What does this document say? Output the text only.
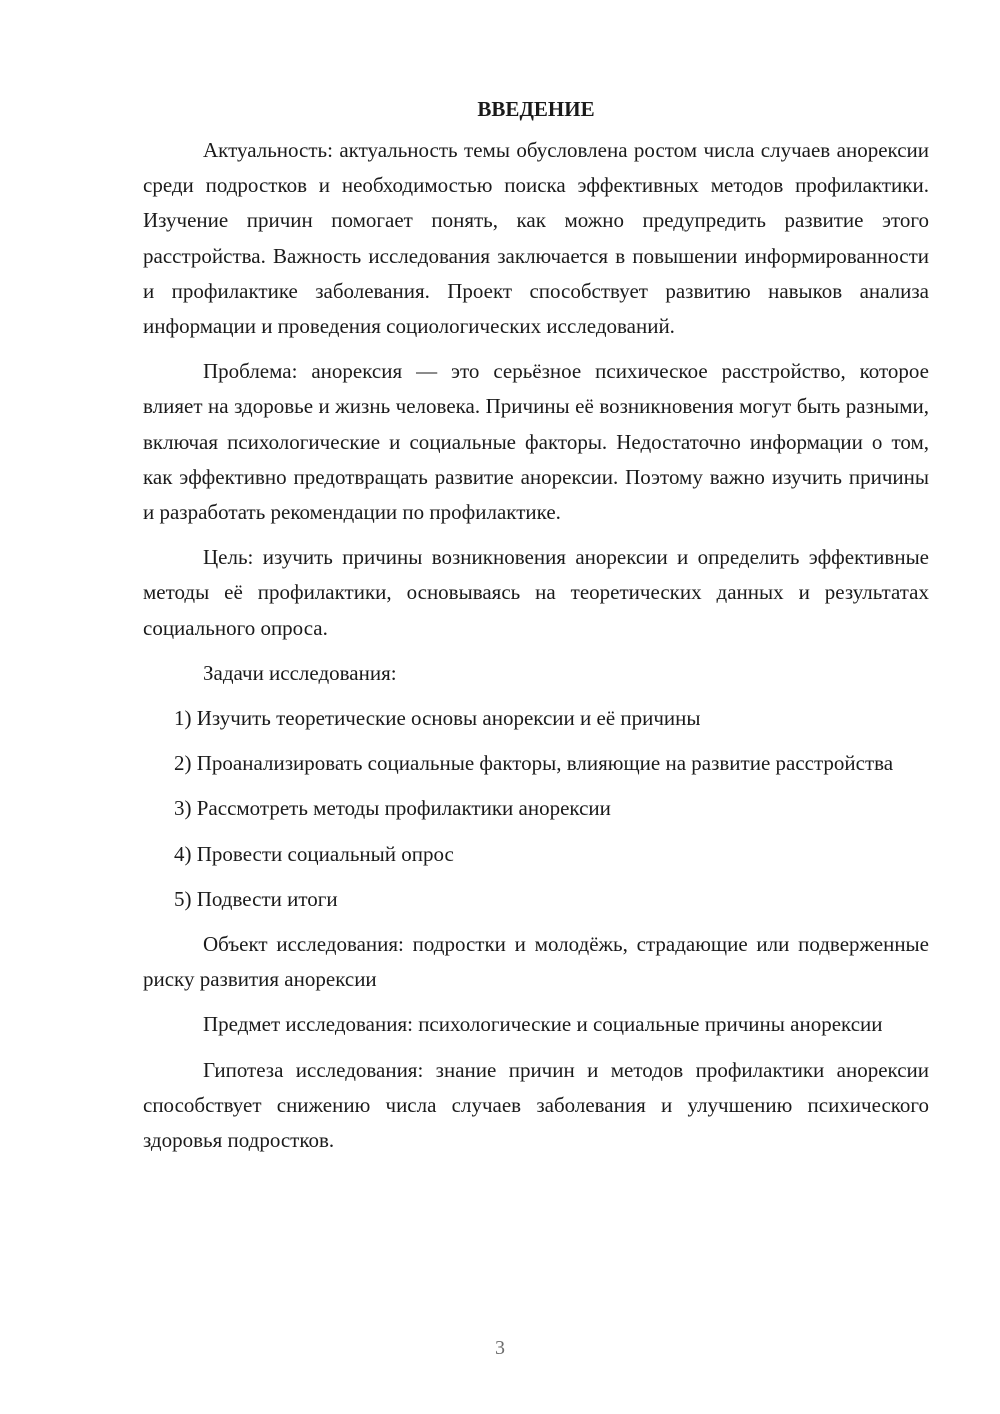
ВВЕДЕНИЕ

Актуальность: актуальность темы обусловлена ростом числа случаев анорексии среди подростков и необходимостью поиска эффективных методов профилактики. Изучение причин помогает понять, как можно предупредить развитие этого расстройства. Важность исследования заключается в повышении информированности и профилактике заболевания. Проект способствует развитию навыков анализа информации и проведения социологических исследований.

Проблема: анорексия — это серьёзное психическое расстройство, которое влияет на здоровье и жизнь человека. Причины её возникновения могут быть разными, включая психологические и социальные факторы. Недостаточно информации о том, как эффективно предотвращать развитие анорексии. Поэтому важно изучить причины и разработать рекомендации по профилактике.

Цель: изучить причины возникновения анорексии и определить эффективные методы её профилактики, основываясь на теоретических данных и результатах социального опроса.

Задачи исследования:

1) Изучить теоретические основы анорексии и её причины

2) Проанализировать социальные факторы, влияющие на развитие расстройства

3) Рассмотреть методы профилактики анорексии

4) Провести социальный опрос

5) Подвести итоги

Объект исследования: подростки и молодёжь, страдающие или подверженные риску развития анорексии

Предмет исследования: психологические и социальные причины анорексии

Гипотеза исследования: знание причин и методов профилактики анорексии способствует снижению числа случаев заболевания и улучшению психического здоровья подростков.

3
